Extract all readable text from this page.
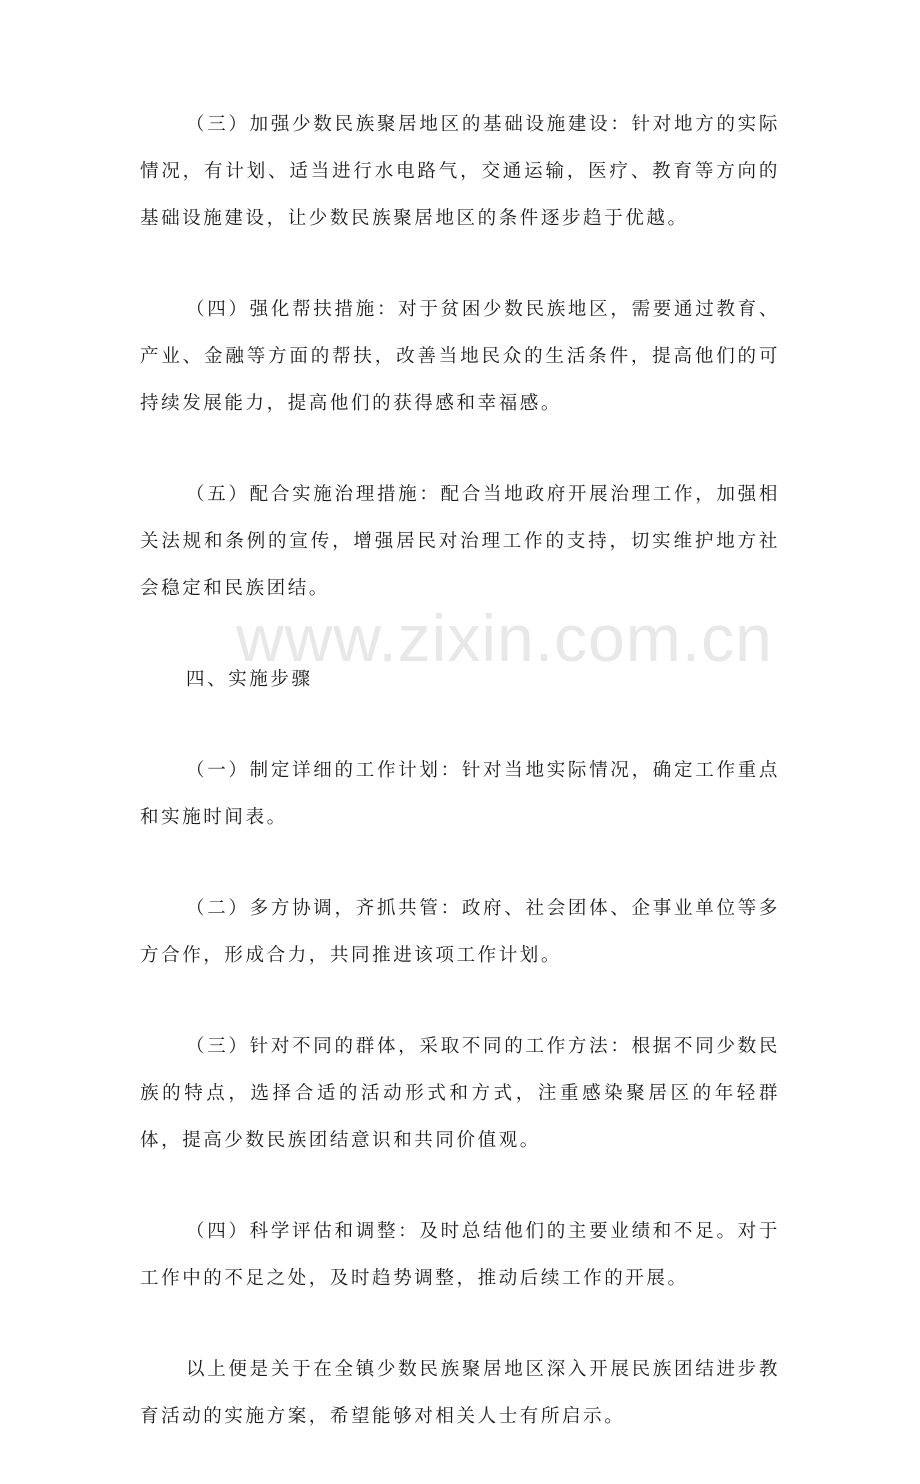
（三）加强少数民族聚居地区的基础设施建设：针对地方的实际情况，有计划、适当进行水电路气，交通运输，医疗、教育等方向的基础设施建设，让少数民族聚居地区的条件逐步趋于优越。

（四）强化帮扶措施：对于贫困少数民族地区，需要通过教育、产业、金融等方面的帮扶，改善当地民众的生活条件，提高他们的可持续发展能力，提高他们的获得感和幸福感。

（五）配合实施治理措施：配合当地政府开展治理工作，加强相关法规和条例的宣传，增强居民对治理工作的支持，切实维护地方社会稳定和民族团结。

四、实施步骤

（一）制定详细的工作计划：针对当地实际情况，确定工作重点和实施时间表。

（二）多方协调，齐抓共管：政府、社会团体、企事业单位等多方合作，形成合力，共同推进该项工作计划。

（三）针对不同的群体，采取不同的工作方法：根据不同少数民族的特点，选择合适的活动形式和方式，注重感染聚居区的年轻群体，提高少数民族团结意识和共同价值观。

（四）科学评估和调整：及时总结他们的主要业绩和不足。对于工作中的不足之处，及时趋势调整，推动后续工作的开展。

以上便是关于在全镇少数民族聚居地区深入开展民族团结进步教育活动的实施方案，希望能够对相关人士有所启示。

www.zixin.com.cn
